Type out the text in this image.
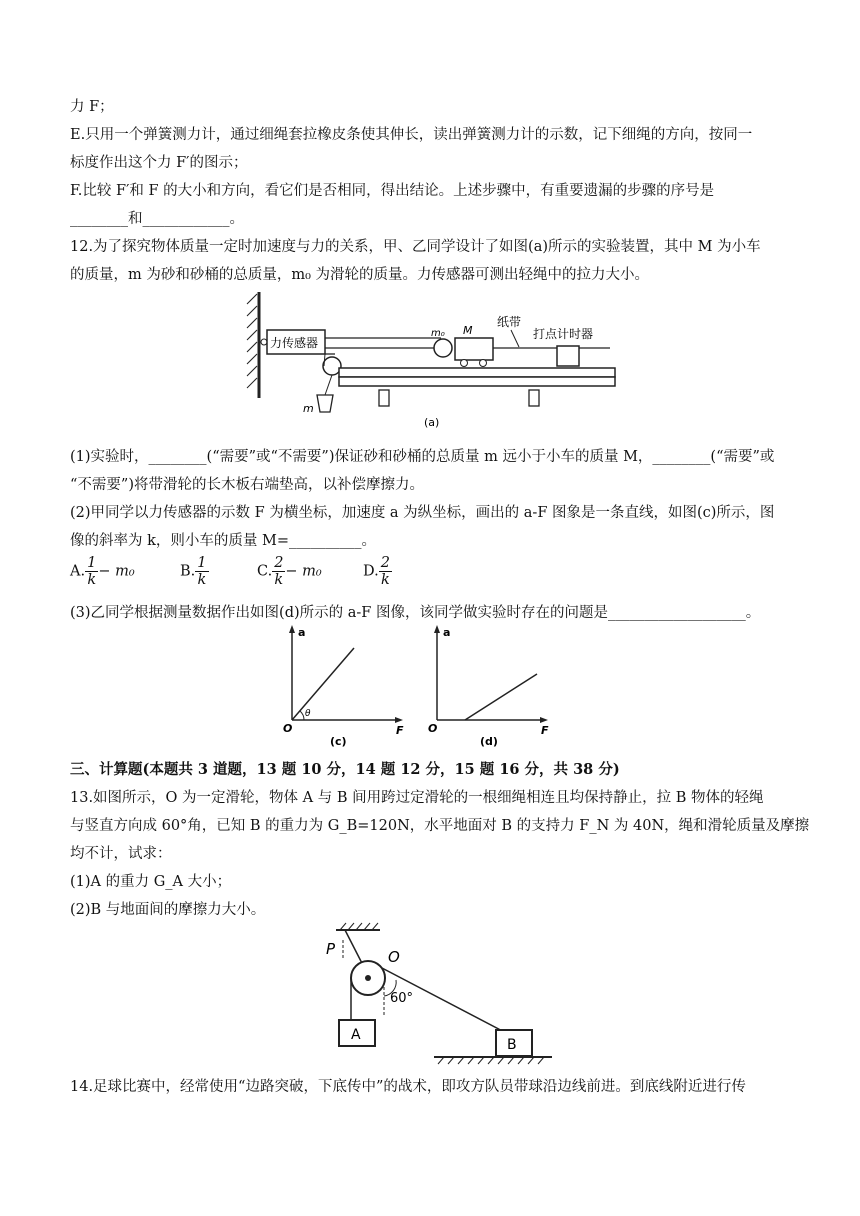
力 F；
E.只用一个弹簧测力计，通过细绳套拉橡皮条使其伸长，读出弹簧测力计的示数，记下细绳的方向，按同一
标度作出这个力 F′的图示；
F.比较 F′和 F 的大小和方向，看它们是否相同，得出结论。上述步骤中，有重要遗漏的步骤的序号是
________和____________。
12.为了探究物体质量一定时加速度与力的关系，甲、乙同学设计了如图(a)所示的实验装置，其中 M 为小车
的质量，m 为砂和砂桶的总质量，m₀ 为滑轮的质量。力传感器可测出轻绳中的拉力大小。
力传感器
m
m₀ M
纸带
打点计时器
(a)
(1)实验时，________(“需要”或“不需要”)保证砂和砂桶的总质量 m 远小于小车的质量 M，________(“需要”或
“不需要”)将带滑轮的长木板右端垫高，以补偿摩擦力。
(2)甲同学以力传感器的示数 F 为横坐标，加速度 a 为纵坐标，画出的 a-F 图象是一条直线，如图(c)所示，图
像的斜率为 k，则小车的质量 M=__________。
A. $\frac{1}{k} - m_0$	B. $\frac{1}{k}$	C. $\frac{2}{k} - m_0$	D. $\frac{2}{k}$
(3)乙同学根据测量数据作出如图(d)所示的 a-F 图像，该同学做实验时存在的问题是___________________。
a
F
O
θ
(c)
a
F
O
(d)
三、计算题(本题共 3 道题，13 题 10 分，14 题 12 分，15 题 16 分，共 38 分)
13.如图所示，O 为一定滑轮，物体 A 与 B 间用跨过定滑轮的一根细绳相连且均保持静止，拉 B 物体的轻绳
与竖直方向成 60°角，已知 B 的重力为 G_B=120N，水平地面对 B 的支持力 F_N 为 40N，绳和滑轮质量及摩擦
均不计，试求：
(1)A 的重力 G_A 大小；
(2)B 与地面间的摩擦力大小。
P	O
A
60°
B
14.足球比赛中，经常使用“边路突破，下底传中”的战术，即攻方队员带球沿边线前进。到底线附近进行传
